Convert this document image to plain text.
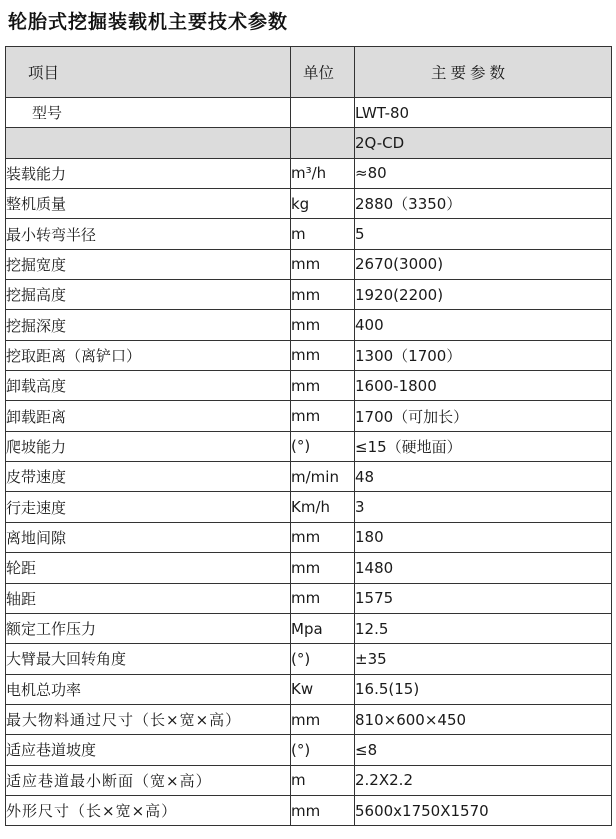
轮胎式挖掘装载机主要技术参数
项目	单位	主要参数
型号		LWT-80
		2Q-CD
装载能力	m³/h	≈80
整机质量	kg	2880（3350）
最小转弯半径	m	5
挖掘宽度	mm	2670(3000)
挖掘高度	mm	1920(2200)
挖掘深度	mm	400
挖取距离（离铲口）	mm	1300（1700）
卸载高度	mm	1600-1800
卸载距离	mm	1700（可加长）
爬坡能力	(°)	≤15（硬地面）
皮带速度	m/min	48
行走速度	Km/h	3
离地间隙	mm	180
轮距	mm	1480
轴距	mm	1575
额定工作压力	Mpa	12.5
大臂最大回转角度	(°)	±35
电机总功率	Kw	16.5(15)
最大物料通过尺寸（长×宽×高）	mm	810×600×450
适应巷道坡度	(°)	≤8
适应巷道最小断面（宽×高）	m	2.2X2.2
外形尺寸（长×宽×高）	mm	5600x1750X1570
